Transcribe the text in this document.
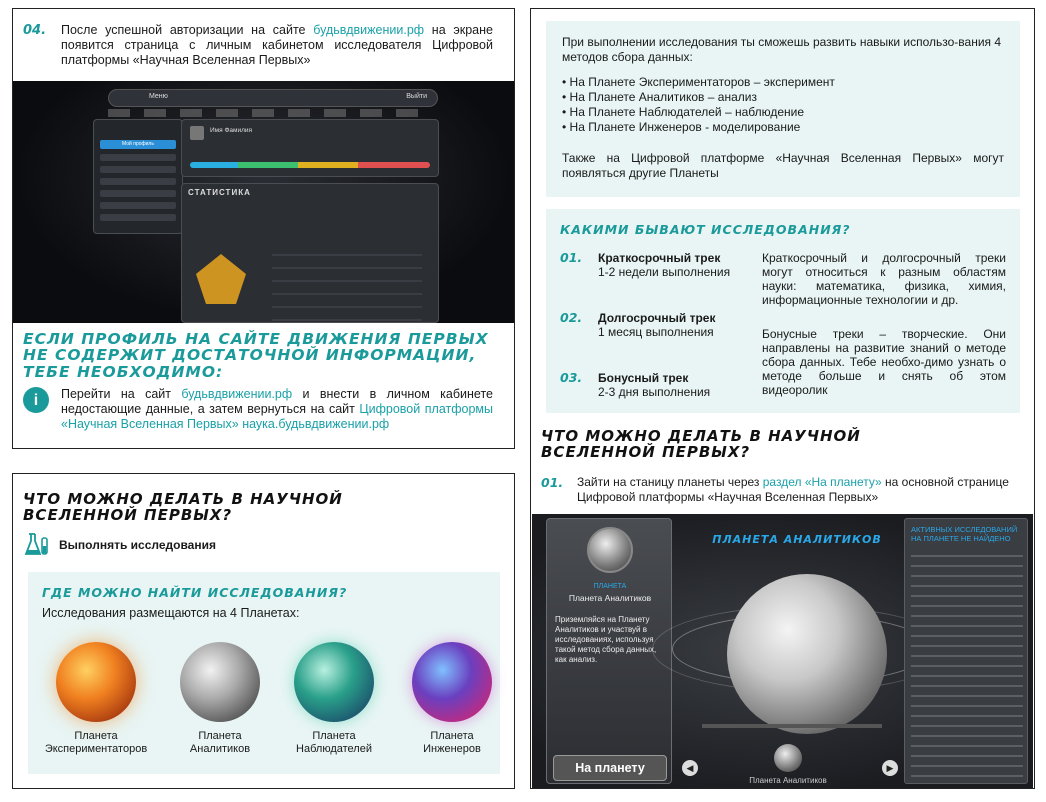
04.	После успешной авторизации на сайте будьвдвижении.рф на экране появится страница с личным кабинетом исследователя Цифровой платформы «Научная Вселенная Первых»

Меню	Выйти
Мой профиль
Имя Фамилия
СТАТИСТИКА
ЕСЛИ ПРОФИЛЬ НА САЙТЕ ДВИЖЕНИЯ ПЕРВЫХ НЕ СОДЕРЖИТ ДОСТАТОЧНОЙ ИНФОРМАЦИИ, ТЕБЕ НЕОБХОДИМО:
i	Перейти на сайт будьвдвижении.рф и внести в личном кабинете недостающие данные, а затем вернуться на сайт Цифровой платформы «Научная Вселенная Первых» наука.будьвдвижении.рф

ЧТО МОЖНО ДЕЛАТЬ В НАУЧНОЙ ВСЕЛЕННОЙ ПЕРВЫХ?
Выполнять исследования
ГДЕ МОЖНО НАЙТИ ИССЛЕДОВАНИЯ?

Исследования размещаются на 4 Планетах:

Планета
Экспериментаторов
Планета
Аналитиков
Планета
Наблюдателей
Планета
Инженеров

При выполнении исследования ты сможешь развить навыки использо-вания 4 методов сбора данных:

• На Планете Экспериментаторов – эксперимент
• На Планете Аналитиков – анализ
• На Планете Наблюдателей – наблюдение
• На Планете Инженеров - моделирование

Также на Цифровой платформе «Научная Вселенная Первых» могут появляться другие Планеты

КАКИМИ БЫВАЮТ ИССЛЕДОВАНИЯ?
01.	Краткосрочный трек
1-2 недели выполнения
02.	Долгосрочный трек
1 месяц выполнения
03.	Бонусный трек
2-3 дня выполнения

Краткосрочный и долгосрочный треки могут относиться к разным областям науки: математика, физика, химия, информационные технологии и др.

Бонусные треки – творческие. Они направлены на развитие знаний о методе сбора данных. Тебе необхо-димо узнать о методе больше и снять об этом видеоролик

ЧТО МОЖНО ДЕЛАТЬ В НАУЧНОЙ ВСЕЛЕННОЙ ПЕРВЫХ?
01. Зайти на станицу планеты через раздел «На планету» на основной странице Цифровой платформы «Научная Вселенная Первых»

ПЛАНЕТА
Планета Аналитиков
Приземляйся на Планету Аналитиков и участвуй в исследованиях, используя такой метод сбора данных, как анализ.
На планету
ПЛАНЕТА АНАЛИТИКОВ
◀	▶
Планета Аналитиков
АКТИВНЫХ ИССЛЕДОВАНИЙ НА ПЛАНЕТЕ НЕ НАЙДЕНО
